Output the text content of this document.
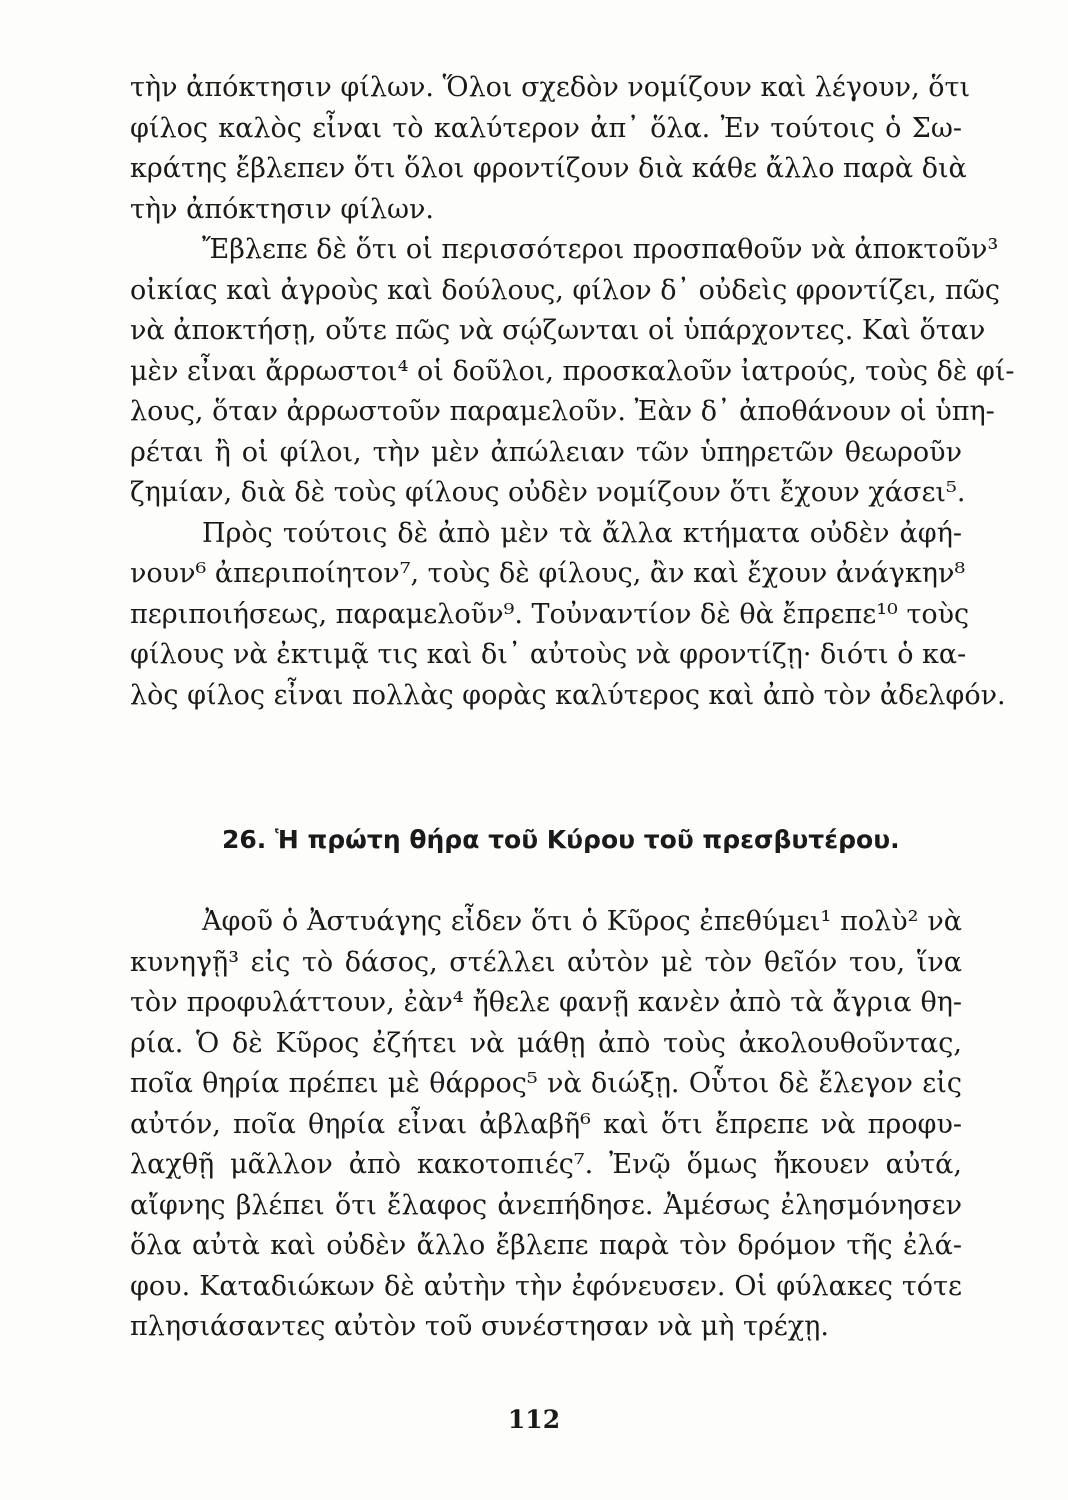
τὴν ἀπόκτησιν φίλων. Ὅλοι σχεδὸν νομίζουν καὶ λέγουν, ὅτι
φίλος καλὸς εἶναι τὸ καλύτερον ἀπ᾿ ὅλα. Ἐν τούτοις ὁ Σω-
κράτης ἔβλεπεν ὅτι ὅλοι φροντίζουν διὰ κάθε ἄλλο παρὰ διὰ
τὴν ἀπόκτησιν φίλων.
Ἔβλεπε δὲ ὅτι οἱ περισσότεροι προσπαθοῦν νὰ ἀποκτοῦν³
οἰκίας καὶ ἀγροὺς καὶ δούλους, φίλον δ᾿ οὐδεὶς φροντίζει, πῶς
νὰ ἀποκτήσῃ, οὔτε πῶς νὰ σῴζωνται οἱ ὑπάρχοντες. Καὶ ὅταν
μὲν εἶναι ἄρρωστοι⁴ οἱ δοῦλοι, προσκαλοῦν ἰατρούς, τοὺς δὲ φί-
λους, ὅταν ἀρρωστοῦν παραμελοῦν. Ἐὰν δ᾿ ἀποθάνουν οἱ ὑπη-
ρέται ἢ οἱ φίλοι, τὴν μὲν ἀπώλειαν τῶν ὑπηρετῶν θεωροῦν
ζημίαν, διὰ δὲ τοὺς φίλους οὐδὲν νομίζουν ὅτι ἔχουν χάσει⁵.
Πρὸς τούτοις δὲ ἀπὸ μὲν τὰ ἄλλα κτήματα οὐδὲν ἀφή-
νουν⁶ ἀπεριποίητον⁷, τοὺς δὲ φίλους, ἂν καὶ ἔχουν ἀνάγκην⁸
περιποιήσεως, παραμελοῦν⁹. Τοὐναντίον δὲ θὰ ἔπρεπε¹⁰ τοὺς
φίλους νὰ ἐκτιμᾷ τις καὶ δι᾿ αὐτοὺς νὰ φροντίζῃ· διότι ὁ κα-
λὸς φίλος εἶναι πολλὰς φορὰς καλύτερος καὶ ἀπὸ τὸν ἀδελφόν.
26. Ἡ πρώτη θήρα τοῦ Κύρου τοῦ πρεσβυτέρου.
Ἀφοῦ ὁ Ἀστυάγης εἶδεν ὅτι ὁ Κῦρος ἐπεθύμει¹ πολὺ² νὰ
κυνηγῇ³ εἰς τὸ δάσος, στέλλει αὐτὸν μὲ τὸν θεῖόν του, ἵνα
τὸν προφυλάττουν, ἐὰν⁴ ἤθελε φανῇ κανὲν ἀπὸ τὰ ἄγρια θη-
ρία. Ὁ δὲ Κῦρος ἐζήτει νὰ μάθῃ ἀπὸ τοὺς ἀκολουθοῦντας,
ποῖα θηρία πρέπει μὲ θάρρος⁵ νὰ διώξῃ. Οὗτοι δὲ ἔλεγον εἰς
αὐτόν, ποῖα θηρία εἶναι ἀβλαβῆ⁶ καὶ ὅτι ἔπρεπε νὰ προφυ-
λαχθῇ μᾶλλον ἀπὸ κακοτοπιές⁷. Ἐνῷ ὅμως ἤκουεν αὐτά,
αἴφνης βλέπει ὅτι ἔλαφος ἀνεπήδησε. Ἀμέσως ἐλησμόνησεν
ὅλα αὐτὰ καὶ οὐδὲν ἄλλο ἔβλεπε παρὰ τὸν δρόμον τῆς ἐλά-
φου. Καταδιώκων δὲ αὐτὴν τὴν ἐφόνευσεν. Οἱ φύλακες τότε
πλησιάσαντες αὐτὸν τοῦ συνέστησαν νὰ μὴ τρέχῃ.
112
